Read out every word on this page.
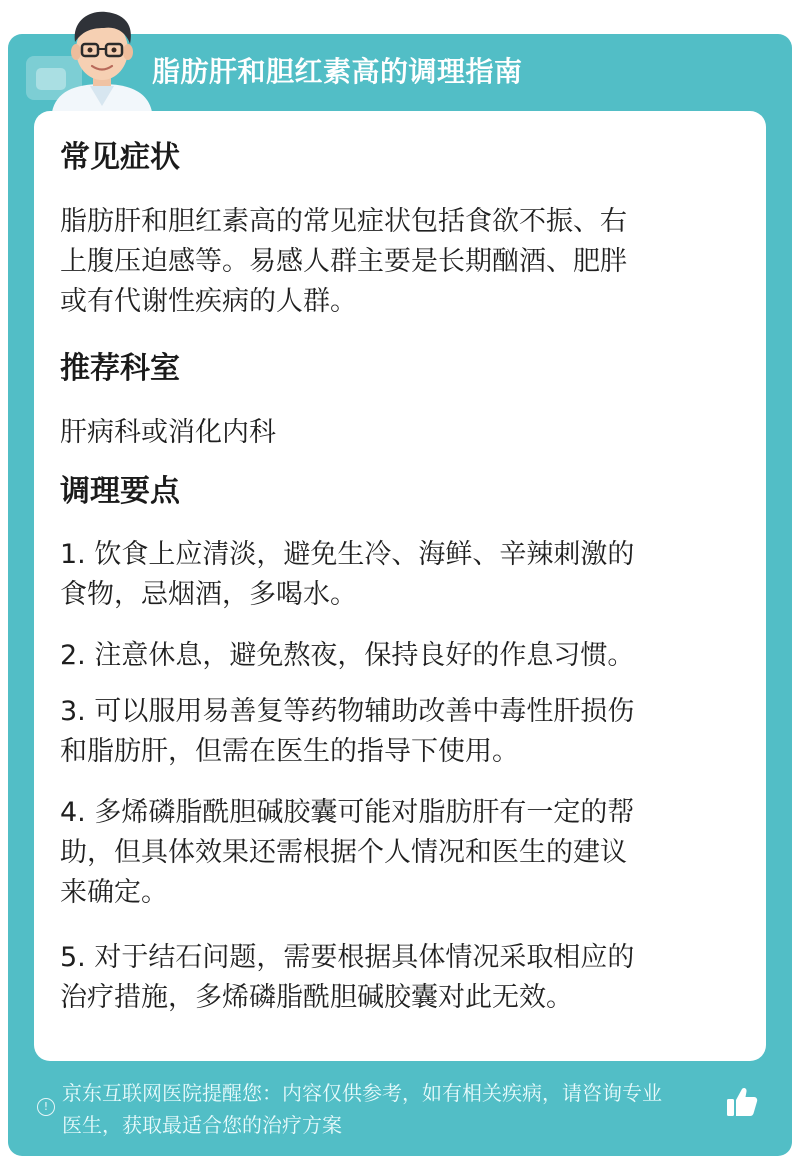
脂肪肝和胆红素高的调理指南
常见症状
脂肪肝和胆红素高的常见症状包括食欲不振、右
上腹压迫感等。易感人群主要是长期酗酒、肥胖
或有代谢性疾病的人群。
推荐科室
肝病科或消化内科
调理要点
1. 饮食上应清淡，避免生冷、海鲜、辛辣刺激的
食物，忌烟酒，多喝水。
2. 注意休息，避免熬夜，保持良好的作息习惯。
3. 可以服用易善复等药物辅助改善中毒性肝损伤
和脂肪肝，但需在医生的指导下使用。
4. 多烯磷脂酰胆碱胶囊可能对脂肪肝有一定的帮
助，但具体效果还需根据个人情况和医生的建议
来确定。
5. 对于结石问题，需要根据具体情况采取相应的
治疗措施，多烯磷脂酰胆碱胶囊对此无效。
!
京东互联网医院提醒您：内容仅供参考，如有相关疾病，请咨询专业
医生，获取最适合您的治疗方案
